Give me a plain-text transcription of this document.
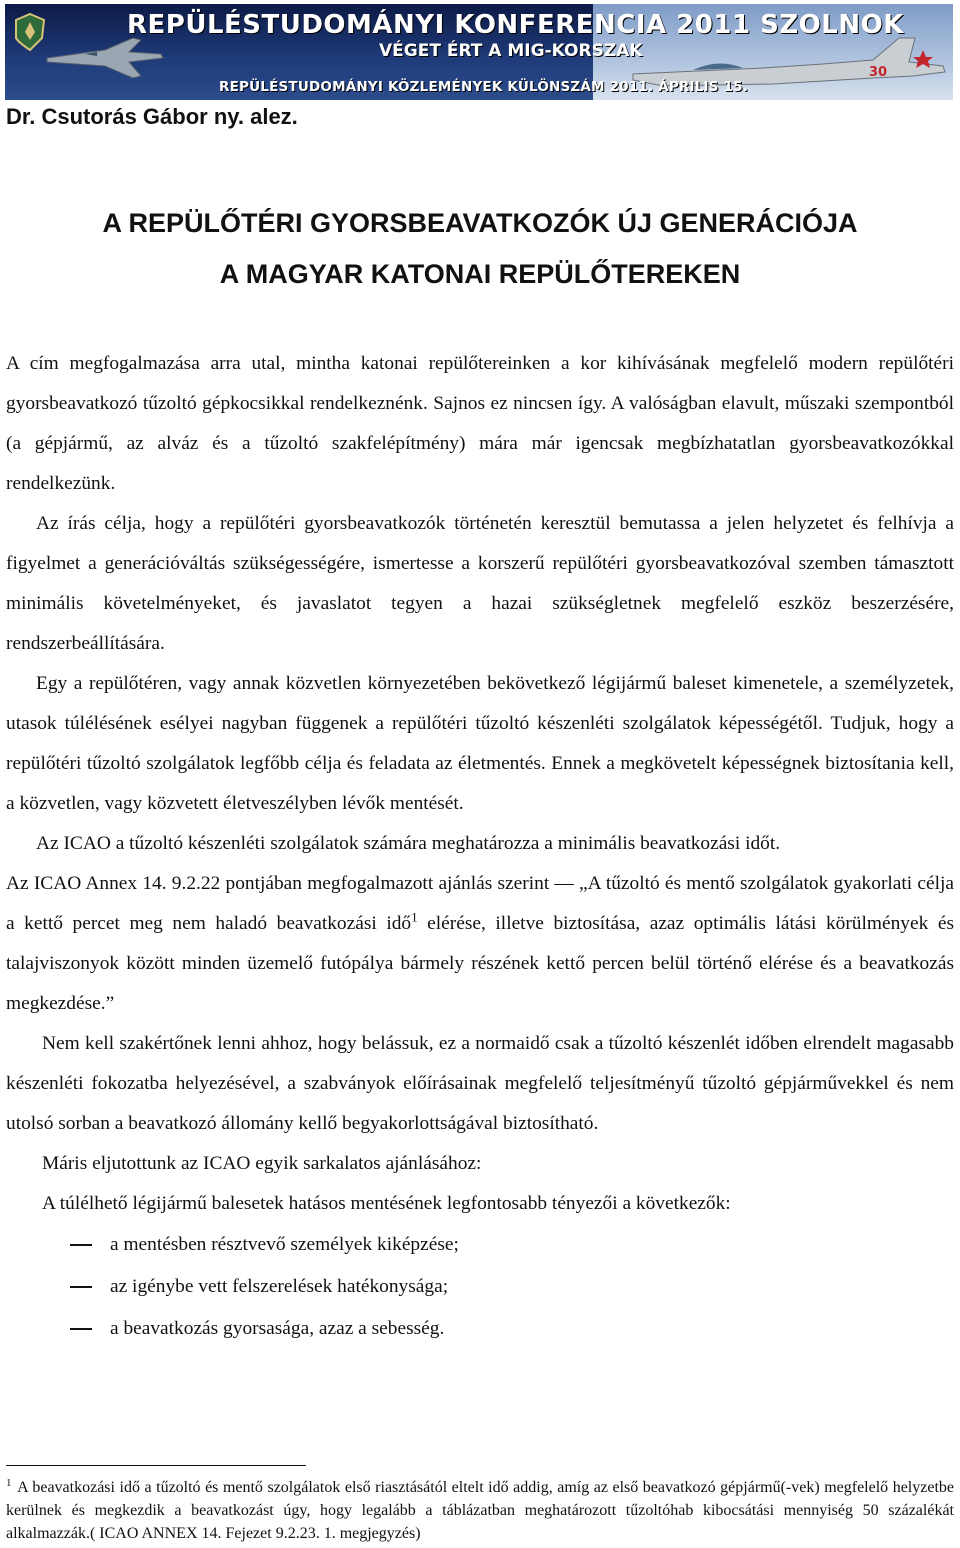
30
REPÜLÉSTUDOMÁNYI KONFERENCIA 2011 SZOLNOK
VÉGET ÉRT A MIG-KORSZAK
REPÜLÉSTUDOMÁNYI KÖZLEMÉNYEK KÜLÖNSZÁM 2011. ÁPRILIS 15.
Dr. Csutorás Gábor ny. alez.
A REPÜLŐTÉRI GYORSBEAVATKOZÓK ÚJ GENERÁCIÓJA
A MAGYAR KATONAI REPÜLŐTEREKEN

A cím megfogalmazása arra utal, mintha katonai repülőtereinken a kor kihívásának megfelelő modern repülőtéri gyorsbeavatkozó tűzoltó gépkocsikkal rendelkeznénk. Sajnos ez nincsen így. A valóságban elavult, műszaki szempontból (a gépjármű, az alváz és a tűzoltó szakfelépítmény) mára már igencsak megbízhatatlan gyorsbeavatkozókkal rendelkezünk.

Az írás célja, hogy a repülőtéri gyorsbeavatkozók történetén keresztül bemutassa a jelen helyzetet és felhívja a figyelmet a generációváltás szükségességére, ismertesse a korszerű repülőtéri gyorsbeavatkozóval szemben támasztott minimális követelményeket, és javaslatot tegyen a hazai szükségletnek megfelelő eszköz beszerzésére, rendszerbeállítására.

Egy a repülőtéren, vagy annak közvetlen környezetében bekövetkező légijármű baleset kimenetele, a személyzetek, utasok túlélésének esélyei nagyban függenek a repülőtéri tűzoltó készenléti szolgálatok képességétől. Tudjuk, hogy a repülőtéri tűzoltó szolgálatok legfőbb célja és feladata az életmentés. Ennek a megkövetelt képességnek biztosítania kell, a közvetlen, vagy közvetett életveszélyben lévők mentését.

Az ICAO a tűzoltó készenléti szolgálatok számára meghatározza a minimális beavatkozási időt.

Az ICAO Annex 14. 9.2.22 pontjában megfogalmazott ajánlás szerint — „A tűzoltó és mentő szolgálatok gyakorlati célja a kettő percet meg nem haladó beavatkozási idő$^1$ elérése, illetve biztosítása, azaz optimális látási körülmények és talajviszonyok között minden üzemelő futópálya bármely részének kettő percen belül történő elérése és a beavatkozás megkezdése.”

Nem kell szakértőnek lenni ahhoz, hogy belássuk, ez a normaidő csak a tűzoltó készenlét időben elrendelt magasabb készenléti fokozatba helyezésével, a szabványok előírásainak megfelelő teljesítményű tűzoltó gépjárművekkel és nem utolsó sorban a beavatkozó állomány kellő begyakorlottságával biztosítható.

Máris eljutottunk az ICAO egyik sarkalatos ajánlásához:

A túlélhető légijármű balesetek hatásos mentésének legfontosabb tényezői a következők:

a mentésben résztvevő személyek kiképzése;
az igénybe vett felszerelések hatékonysága;
a beavatkozás gyorsasága, azaz a sebesség.
$^1$ A beavatkozási idő a tűzoltó és mentő szolgálatok első riasztásától eltelt idő addig, amíg az első beavatkozó gépjármű(-vek) megfelelő helyzetbe kerülnek és megkezdik a beavatkozást úgy, hogy legalább a táblázatban meghatározott tűzoltóhab kibocsátási mennyiség 50 százalékát alkalmazzák.( ICAO ANNEX 14. Fejezet 9.2.23. 1. megjegyzés)
